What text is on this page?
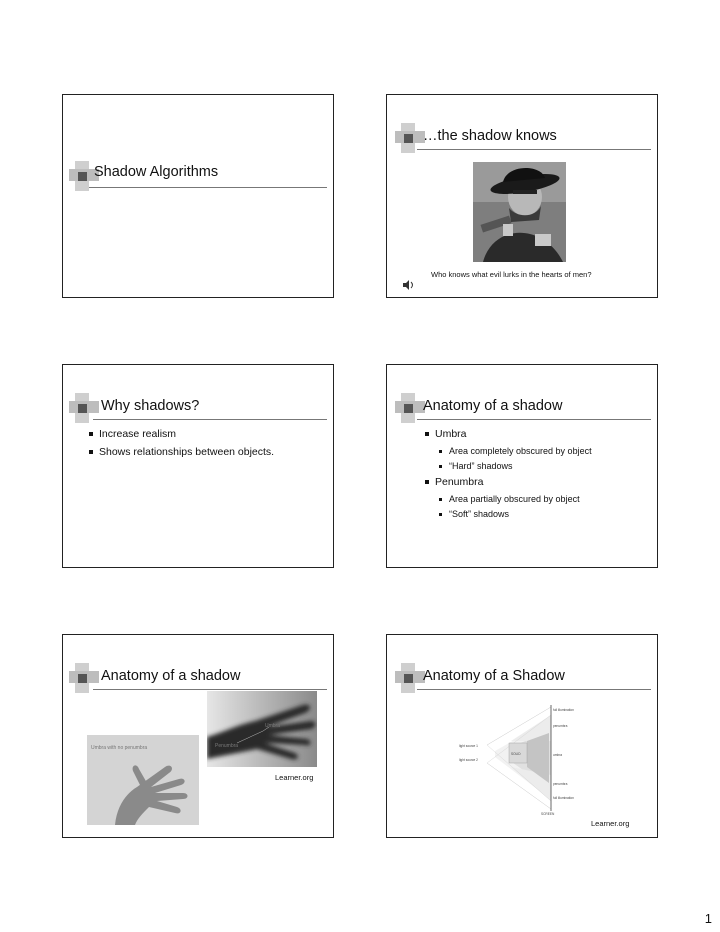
Shadow Algorithms
…the shadow knows
Who knows what evil lurks in the hearts of men?
Why shadows?
Increase realism
Shows relationships between objects.
Anatomy of a shadow
Umbra
Area completely obscured by object
“Hard” shadows
Penumbra
Area partially obscured by object
“Soft” shadows
Anatomy of a shadow
Umbra with no penumbra
Umbra
Penumbra
Learner.org
Anatomy of a Shadow
full illumination
penumbra
umbra
penumbra
full illumination
SCREEN
SOLID
light source 1
light source 2
Learner.org
1
